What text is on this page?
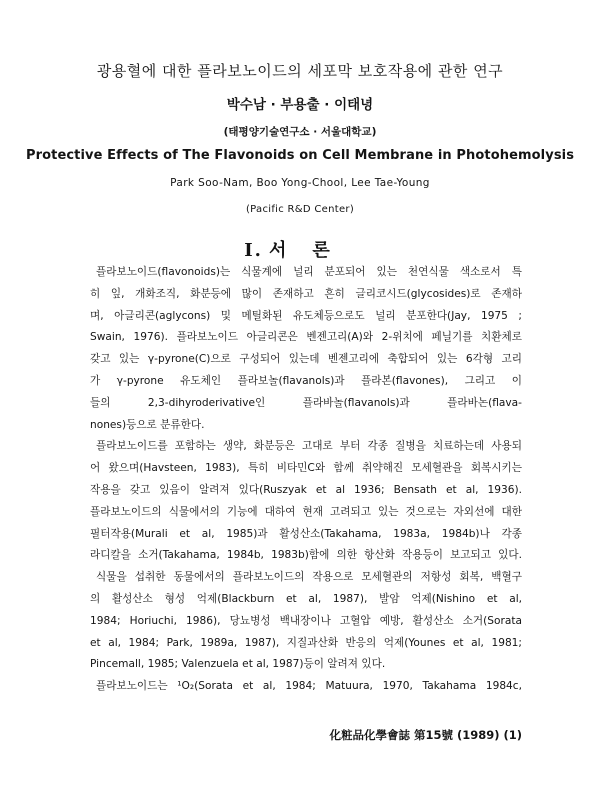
광용혈에 대한 플라보노이드의 세포막 보호작용에 관한 연구
박수남 · 부용출 · 이태녕
(태평양기술연구소 · 서울대학교)
Protective Effects of The Flavonoids on Cell Membrane in Photohemolysis
Park Soo-Nam, Boo Yong-Chool, Lee Tae-Young
(Pacific R&D Center)
I. 서론
플라보노이드(flavonoids)는 식물계에 널리 분포되어 있는 천연식물 색소로서 특
히 잎, 개화조직, 화분등에 많이 존재하고 흔히 글리코시드(glycosides)로 존재하
며, 아글리콘(aglycons) 및 메틸화된 유도체등으로도 널리 분포한다(Jay, 1975 ;
Swain, 1976). 플라보노이드 아글리콘은 벤젠고리(A)와 2-위치에 페닐기를 치환체로
갖고 있는 γ-pyrone(C)으로 구성되어 있는데 벤젠고리에 축합되어 있는 6각형 고리
가 γ-pyrone 유도체인 플라보놀(flavanols)과 플라본(flavones), 그리고 이
들의 2,3-dihyroderivative인 플라바놀(flavanols)과 플라바논(flava-
nones)등으로 분류한다.
플라보노이드를 포함하는 생약, 화분등은 고대로 부터 각종 질병을 치료하는데 사용되
어 왔으며(Havsteen, 1983), 특히 비타민C와 함께 취약해진 모세혈관을 회복시키는
작용을 갖고 있음이 알려져 있다(Ruszyak et al 1936; Bensath et al, 1936).
플라보노이드의 식물에서의 기능에 대하여 현재 고려되고 있는 것으로는 자외선에 대한
필터작용(Murali et al, 1985)과 활성산소(Takahama, 1983a, 1984b)나 각종
라디칼을 소거(Takahama, 1984b, 1983b)함에 의한 항산화 작용등이 보고되고 있다.
식물을 섭취한 동물에서의 플라보노이드의 작용으로 모세혈관의 저항성 회복, 백혈구
의 활성산소 형성 억제(Blackburn et al, 1987), 발암 억제(Nishino et al,
1984; Horiuchi, 1986), 당뇨병성 백내장이나 고혈압 예방, 활성산소 소거(Sorata
et al, 1984; Park, 1989a, 1987), 지질과산화 반응의 억제(Younes et al, 1981;
Pincemall, 1985; Valenzuela et al, 1987)등이 알려져 있다.
플라보노이드는 ¹O₂(Sorata et al, 1984; Matuura, 1970, Takahama 1984c,
化粧品化學會誌 第15號 (1989) (1)
